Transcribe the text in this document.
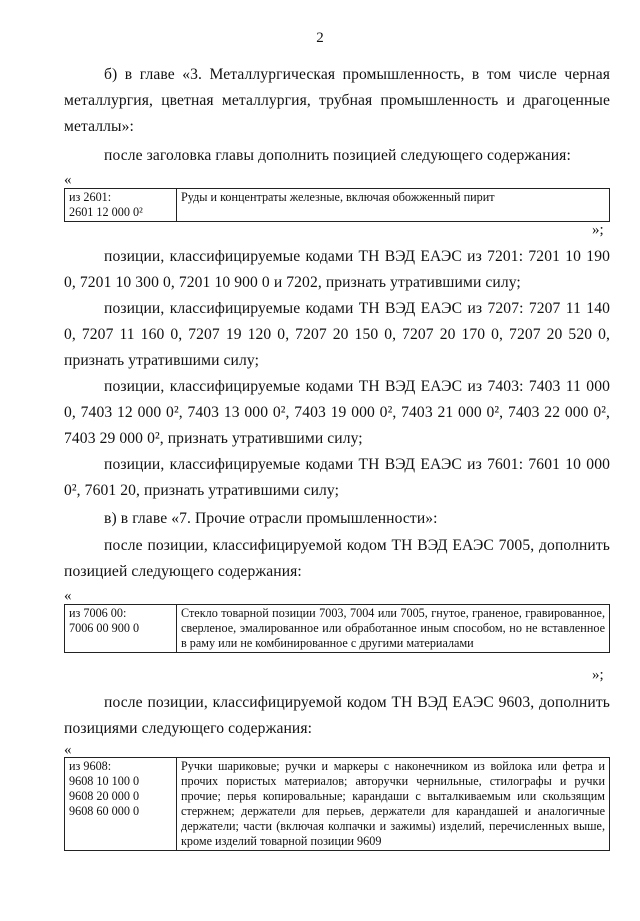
2
б) в главе «3. Металлургическая промышленность, в том числе черная металлургия, цветная металлургия, трубная промышленность и драгоценные металлы»:
после заголовка главы дополнить позицией следующего содержания:
«
из 2601:
2601 12 000 0²
	Руды и концентраты железные, включая обожженный пирит
»;
позиции, классифицируемые кодами ТН ВЭД ЕАЭС из 7201: 7201 10 190 0, 7201 10 300 0, 7201 10 900 0 и 7202, признать утратившими силу;
позиции, классифицируемые кодами ТН ВЭД ЕАЭС из 7207: 7207 11 140 0, 7207 11 160 0, 7207 19 120 0, 7207 20 150 0, 7207 20 170 0, 7207 20 520 0, признать утратившими силу;
позиции, классифицируемые кодами ТН ВЭД ЕАЭС из 7403: 7403 11 000 0, 7403 12 000 0², 7403 13 000 0², 7403 19 000 0², 7403 21 000 0², 7403 22 000 0², 7403 29 000 0², признать утратившими силу;
позиции, классифицируемые кодами ТН ВЭД ЕАЭС из 7601: 7601 10 000 0², 7601 20, признать утратившими силу;
в) в главе «7. Прочие отрасли промышленности»:
после позиции, классифицируемой кодом ТН ВЭД ЕАЭС 7005, дополнить позицией следующего содержания:
«
из 7006 00:
7006 00 900 0
	Стекло товарной позиции 7003, 7004 или 7005, гнутое, граненое, гравированное, сверленое, эмалированное или обработанное иным способом, но не вставленное в раму или не комбинированное с другими материалами
»;
после позиции, классифицируемой кодом ТН ВЭД ЕАЭС 9603, дополнить позициями следующего содержания:
«
из 9608:
9608 10 100 0
9608 20 000 0
9608 60 000 0
	Ручки шариковые; ручки и маркеры с наконечником из войлока или фетра и прочих пористых материалов; авторучки чернильные, стилографы и ручки прочие; перья копировальные; карандаши с выталкиваемым или скользящим стержнем; держатели для перьев, держатели для карандашей и аналогичные держатели; части (включая колпачки и зажимы) изделий, перечисленных выше, кроме изделий товарной позиции 9609
